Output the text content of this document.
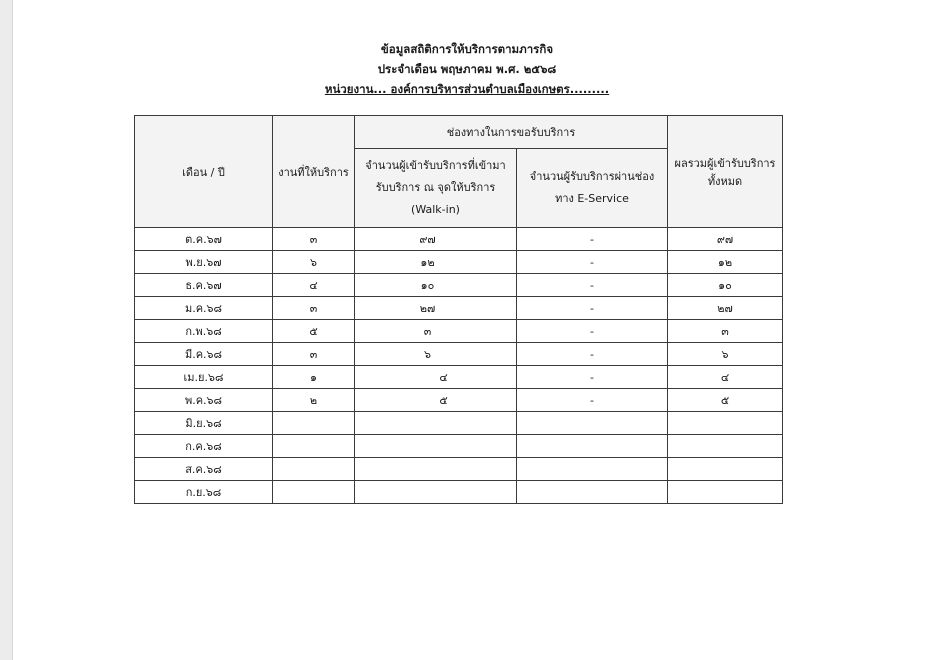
ข้อมูลสถิติการให้บริการตามภารกิจ
ประจำเดือน พฤษภาคม พ.ศ. ๒๕๖๘
หน่วยงาน... องค์การบริหารส่วนตำบลเมืองเกษตร.........
เดือน / ปี	งานที่ให้บริการ	ช่องทางในการขอรับบริการ		ผลรวมผู้เข้ารับบริการทั้งหมด
		จำนวนผู้เข้ารับบริการที่เข้ามารับบริการ ณ จุดให้บริการ (Walk-in)	จำนวนผู้รับบริการผ่านช่องทาง E-Service	
ต.ค.๖๗	๓	๙๗	-	๙๗
พ.ย.๖๗	๖	๑๒	-	๑๒
ธ.ค.๖๗	๔	๑๐	-	๑๐
ม.ค.๖๘	๓	๒๗	-	๒๗
ก.พ.๖๘	๕	๓	-	๓
มี.ค.๖๘	๓	๖	-	๖
เม.ย.๖๘	๑	๔	-	๔
พ.ค.๖๘	๒	๕	-	๕
มิ.ย.๖๘				
ก.ค.๖๘				
ส.ค.๖๘				
ก.ย.๖๘				
